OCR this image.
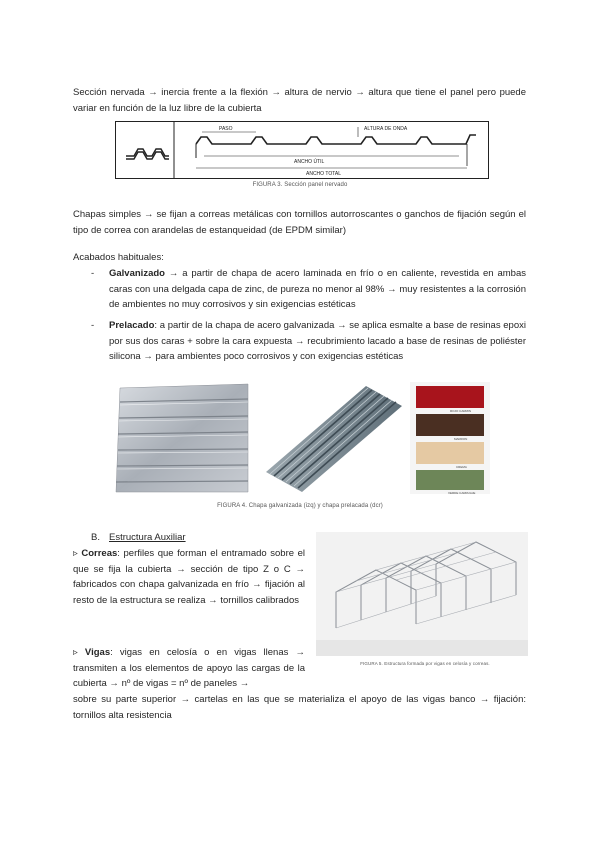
Sección nervada → inercia frente a la flexión → altura de nervio → altura que tiene el panel pero puede variar en función de la luz libre de la cubierta
PASO	ALTURA DE ONDA
ANCHO ÚTIL
ANCHO TOTAL
FIGURA 3. Sección panel nervado
Chapas simples → se fijan a correas metálicas con tornillos autorroscantes o ganchos de fijación según el tipo de correa con arandelas de estanqueidad (de EPDM similar)
Acabados habituales:
-	Galvanizado → a partir de chapa de acero laminada en frío o en caliente, revestida en ambas caras con una delgada capa de zinc, de pureza no menor al 98% → muy resistentes a la corrosión de ambientes no muy corrosivos y sin exigencias estéticas
-	Prelacado: a partir de la chapa de acero galvanizada → se aplica esmalte a base de resinas epoxi por sus dos caras + sobre la cara expuesta → recubrimiento lacado a base de resinas de poliéster silicona → para ambientes poco corrosivos y con exigencias estéticas
ROJO CARMIN
MARRON
CREMA
VERDE CARRUAJE
FIGURA 4. Chapa galvanizada (izq) y chapa prelacada (dcr)
B. Estructura Auxiliar
▹ Correas: perfiles que forman el entramado sobre el que se fija la cubierta → sección de tipo Z o C → fabricados con chapa galvanizada en frío → fijación al resto de la estructura se realiza → tornillos calibrados
▹ Vigas: vigas en celosía o en vigas llenas → transmiten a los elementos de apoyo las cargas de la cubierta → nº de vigas = nº de paneles →
sobre su parte superior → cartelas en las que se materializa el apoyo de las vigas banco → fijación: tornillos alta resistencia
FIGURA 5. Estructura formada por vigas en celosía y correas.
